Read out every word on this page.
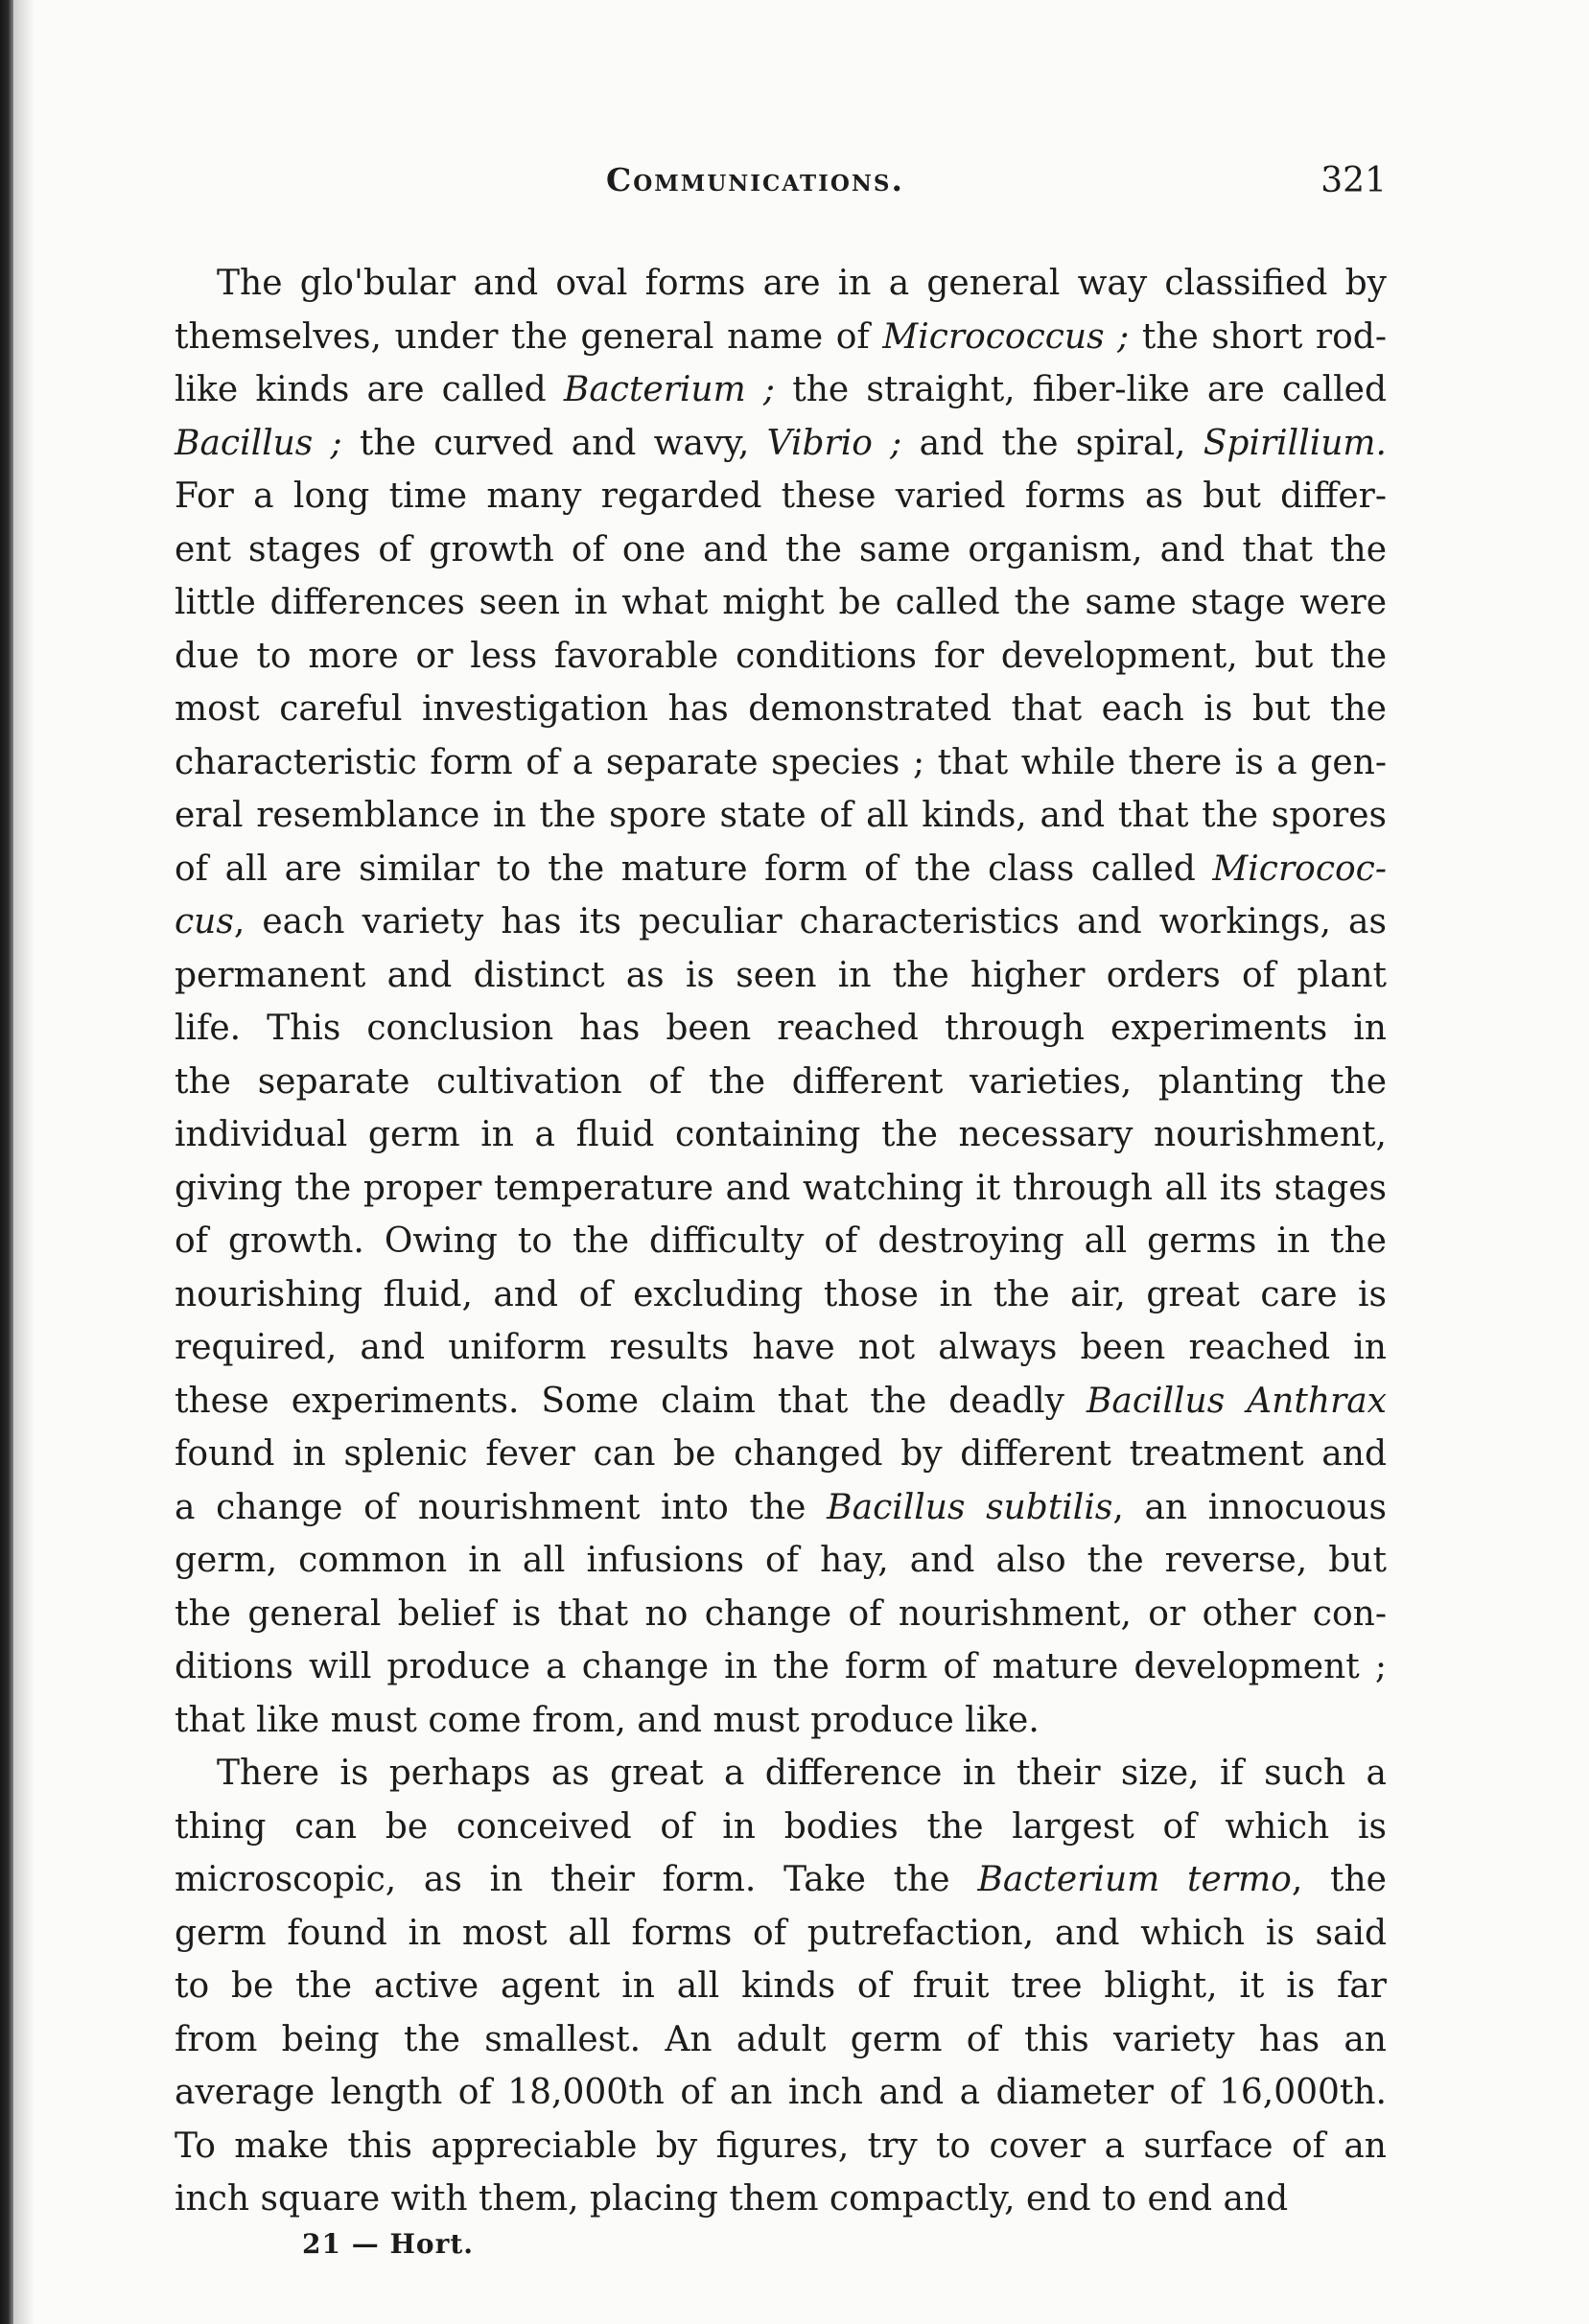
Communications.	321
The glo'bular and oval forms are in a general way classified by
themselves, under the general name of Micrococcus ; the short rod-
like kinds are called Bacterium ; the straight, fiber-like are called
Bacillus ; the curved and wavy, Vibrio ; and the spiral, Spirillium.
For a long time many regarded these varied forms as but differ-
ent stages of growth of one and the same organism, and that the
little differences seen in what might be called the same stage were
due to more or less favorable conditions for development, but the
most careful investigation has demonstrated that each is but the
characteristic form of a separate species ; that while there is a gen-
eral resemblance in the spore state of all kinds, and that the spores
of all are similar to the mature form of the class called Micrococ-
cus, each variety has its peculiar characteristics and workings, as
permanent and distinct as is seen in the higher orders of plant
life. This conclusion has been reached through experiments in
the separate cultivation of the different varieties, planting the
individual germ in a fluid containing the necessary nourishment,
giving the proper temperature and watching it through all its stages
of growth. Owing to the difficulty of destroying all germs in the
nourishing fluid, and of excluding those in the air, great care is
required, and uniform results have not always been reached in
these experiments. Some claim that the deadly Bacillus Anthrax
found in splenic fever can be changed by different treatment and
a change of nourishment into the Bacillus subtilis, an innocuous
germ, common in all infusions of hay, and also the reverse, but
the general belief is that no change of nourishment, or other con-
ditions will produce a change in the form of mature development ;
that like must come from, and must produce like.
There is perhaps as great a difference in their size, if such a
thing can be conceived of in bodies the largest of which is
microscopic, as in their form. Take the Bacterium termo, the
germ found in most all forms of putrefaction, and which is said
to be the active agent in all kinds of fruit tree blight, it is far
from being the smallest. An adult germ of this variety has an
average length of 18,000th of an inch and a diameter of 16,000th.
To make this appreciable by figures, try to cover a surface of an
inch square with them, placing them compactly, end to end and
21 — Hort.
